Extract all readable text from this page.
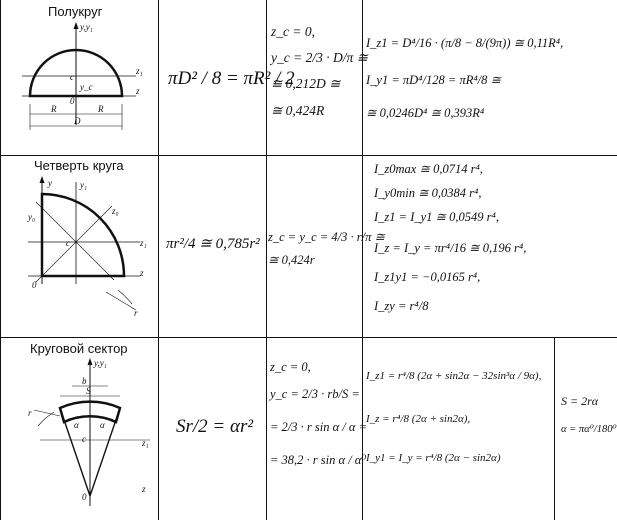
Полукруг
y,y₁
z₁
z
c
0
y_c
R	R
D
πD² / 8 = πR² / 2
z_c = 0,
y_c = 2/3 · D/π ≅
≅ 0,212D ≅
≅ 0,424R
I_z1 = D⁴/16 · (π/8 − 8/(9π)) ≅ 0,11R⁴,
I_y1 = πD⁴/128 = πR⁴/8 ≅
≅ 0,0246D⁴ ≅ 0,393R⁴
Четверть круга
y	y₁
y₀
z₀
z₁
z
c
0
r
πr²/4 ≅ 0,785r² z_c = y_c = 4/3 · r/π ≅
≅ 0,424r
I_z0max ≅ 0,0714 r⁴,
I_y0min ≅ 0,0384 r⁴,
I_z1 = I_y1 ≅ 0,0549 r⁴,
I_z = I_y = πr⁴/16 ≅ 0,196 r⁴,
I_z1y1 = −0,0165 r⁴,
I_zy = r⁴/8
Круговой сектор
y,y₁
b
S
r
α α
c
0
z₁
z
Sr/2 = αr²
z_c = 0,
y_c = 2/3 · rb/S =
= 2/3 · r sin α / α =
= 38,2 · r sin α / α⁰
I_z1 = r⁴/8 (2α + sin2α − 32sin³α / 9α),
I_z = r⁴/8 (2α + sin2α),
I_y1 = I_y = r⁴/8 (2α − sin2α)
S = 2rα
α = πα⁰/180⁰
